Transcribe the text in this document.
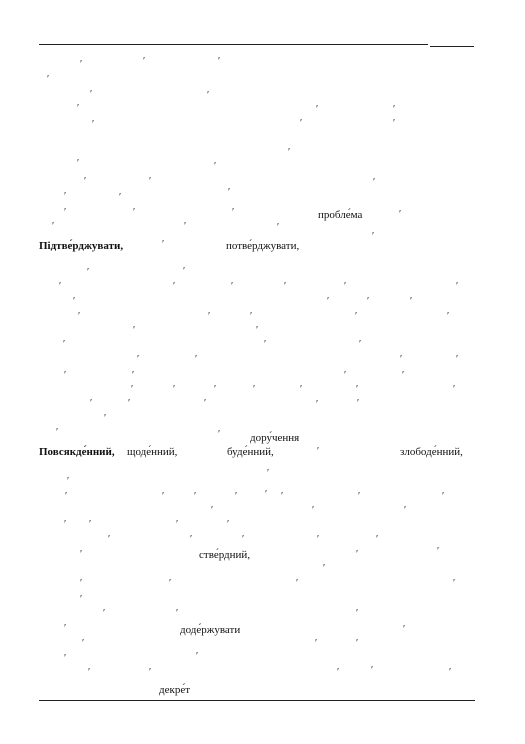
пробле́ма
Підтве́рджувати,	потве́рджувати,
дору́чення
Повсякде́нний, щоде́нний,	буде́нний,	злободе́нний,
стве́рдний,
доде́ржувати
декре́т
ʹ	ʹ	ʹ
ʹ
ʹ	ʹ
ʹ
ʹ
ʹ	ʹ
ʹ	ʹ
ʹ
ʹ	ʹ
ʹ	ʹ	ʹ
ʹ
ʹ	ʹ
ʹ	ʹ
ʹ	ʹ
ʹ
ʹ
ʹ
ʹ
ʹ
ʹ	ʹ
ʹ	ʹ	ʹ	ʹ	ʹ	ʹ
ʹ	ʹ	ʹ	ʹ
ʹ	ʹ	ʹ	ʹ	ʹ
ʹ	ʹ
ʹ	ʹ	ʹ
ʹ	ʹ	ʹ	ʹ
ʹ	ʹ	ʹ	ʹ
ʹ	ʹ	ʹ	ʹ	ʹ	ʹ	ʹ
ʹ	ʹ	ʹ	ʹ	ʹ
ʹ
ʹ	ʹ
ʹ
ʹ
ʹ
ʹ
ʹ	ʹ	ʹ	ʹ	ʹ	ʹ	ʹ
ʹ	ʹ	ʹ
ʹ ʹ	ʹ	ʹ
ʹ	ʹ	ʹ	ʹ
ʹ
ʹ
ʹ	ʹ
ʹ
ʹ	ʹ	ʹ	ʹ
ʹ
ʹ	ʹ	ʹ
ʹ
ʹ
ʹ	ʹ	ʹ
ʹ
ʹ
ʹ	ʹ	ʹ	ʹ	ʹ
